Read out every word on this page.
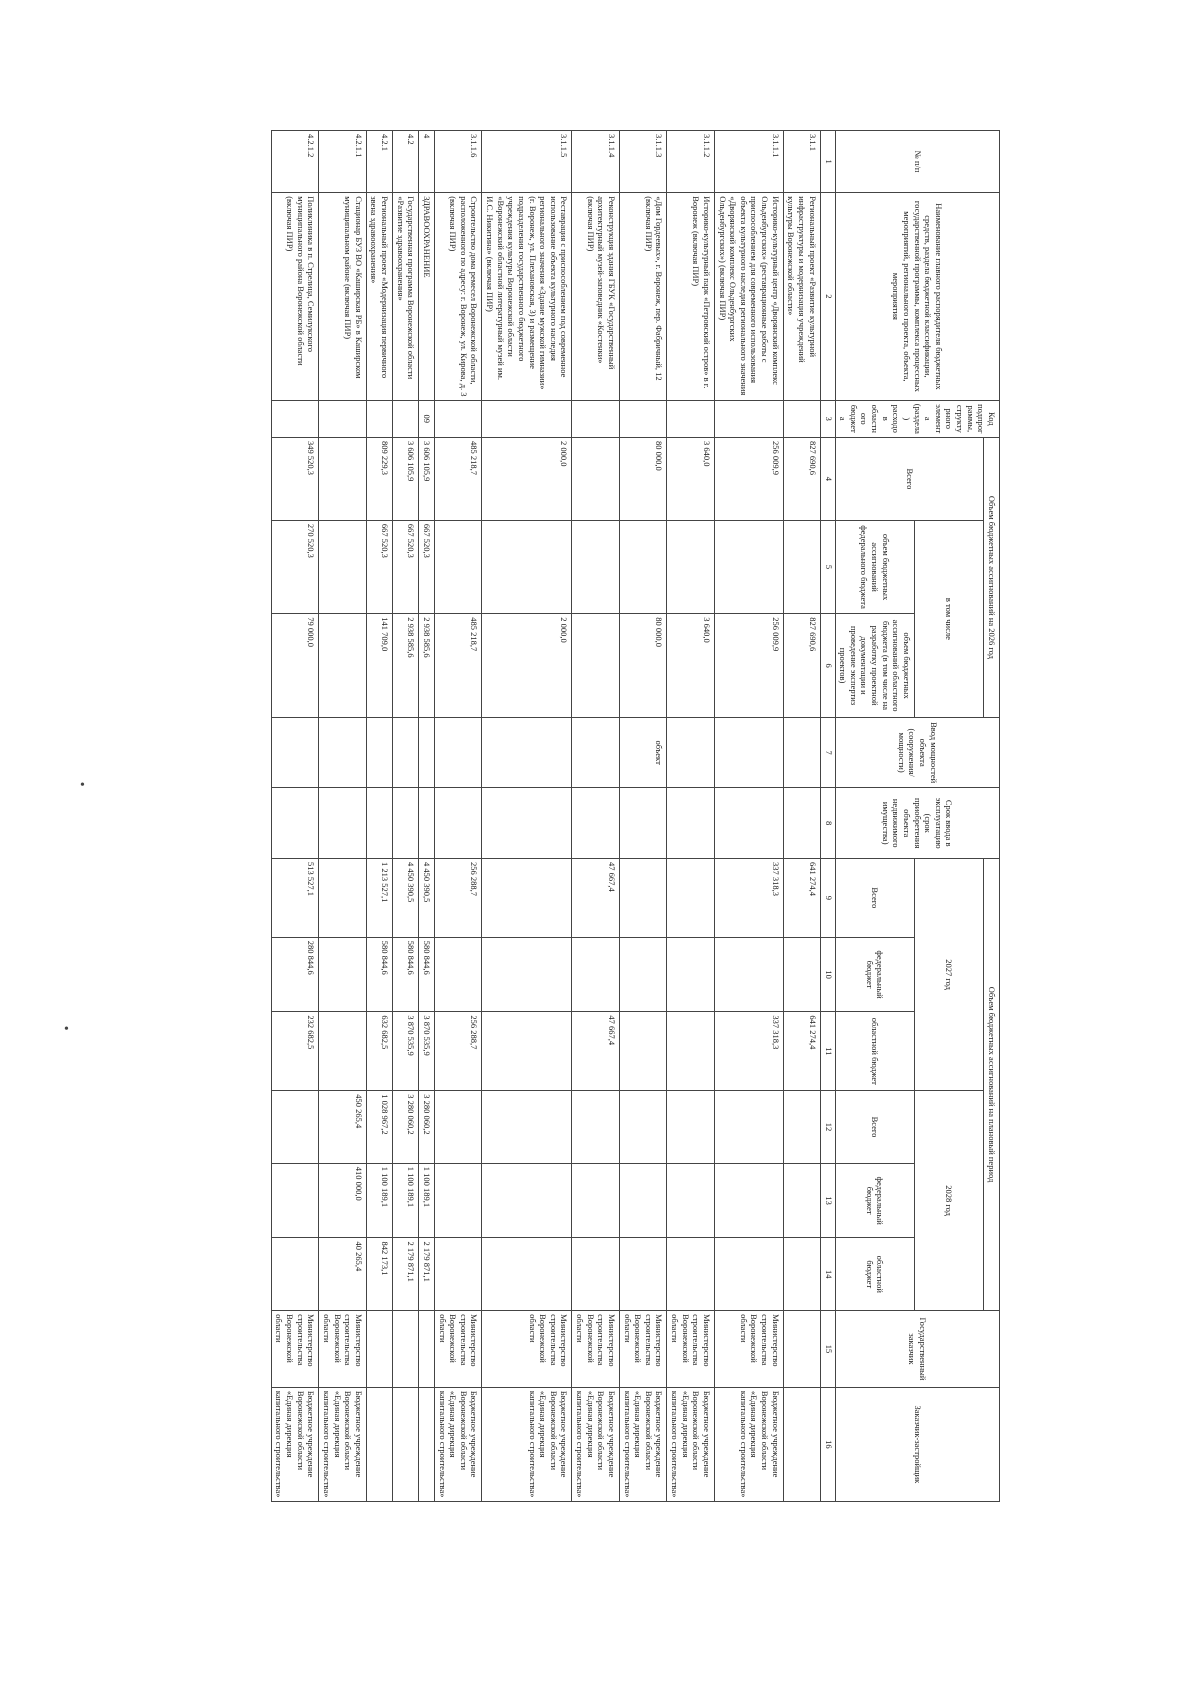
•
•
№ п/п	Наименование главного распорядителя бюджетных средств, раздела бюджетной классификации, государственной программы, комплекса процессных мероприятий, регионального проекта, объекта, мероприятия	Код подпрограммы, структурного элемента (раздела) расходов областного бюджета	Объем бюджетных ассигнований на 2026 год			Ввод мощностей объекта (сооружения/мощности)	Срок ввода в эксплуатацию (срок приобретения объекта недвижимого имущества)	Объем бюджетных ассигнований на плановый период						Государственный заказчик	Заказчик-застройщик
			Всего	в том числе				2027 год			2028 год				
				объем бюджетных ассигнований федерального бюджета	объем бюджетных ассигнований областного бюджета (в том числе на разработку проектной документации и проведение экспертиз проектов)			Всего	федеральный бюджет	областной бюджет	Всего	федеральный бюджет	областной бюджет		
1	2	3	4	5	6	7	8	9	10	11	12	13	14	15	16
3.1.1	Региональный проект «Развитие культурной инфраструктуры и модернизация учреждений культуры Воронежской области»		827 690,6		827 690,6			641 274,4		641 274,4					
3.1.1.1	Историко-культурный центр «Дворянский комплекс Ольденбургских» (реставрационные работы с приспособлением для современного использования объекта культурного наследия регионального значения «Дворянский комплекс Ольденбургских Ольденбургских») (включая ПИР)		256 009,9		256 009,9			337 318,3		337 318,3				Министерство строительства Воронежской области	Бюджетное учреждение Воронежской области «Единая дирекция капитального строительства»
3.1.1.2	Историко-культурный парк «Петровский остров» в г. Воронеж (включая ПИР)		3 640,0		3 640,0									Министерство строительства Воронежской области	Бюджетное учреждение Воронежской области «Единая дирекция капитального строительства»
3.1.1.3	«Дом Гордеевых», г. Воронеж, пер. Фабричный, 12 (включая ПИР)		80 000,0		80 000,0	объект								Министерство строительства Воронежской области	Бюджетное учреждение Воронежской области «Единая дирекция капитального строительства»
3.1.1.4	Реконструкция здания ГБУК «Государственный архитектурный музей-заповедник «Костенки» (включая ПИР)							47 667,4		47 667,4				Министерство строительства Воронежской области	Бюджетное учреждение Воронежской области «Единая дирекция капитального строительства»
3.1.1.5	Реставрация с приспособлением под современное использование объекта культурного наследия регионального значения «Здание мужской гимназии» (г. Воронеж, ул. Плехановская, 3) и размещение подразделения государственного бюджетного учреждения культуры Воронежской области «Воронежский областной литературный музей им. И.С. Никитина» (включая ПИР)		2 000,0		2 000,0									Министерство строительства Воронежской области	Бюджетное учреждение Воронежской области «Единая дирекция капитального строительства»
3.1.1.6	Строительство дома ремесел Воронежской области, расположенного по адресу: г. Воронеж, ул. Кирова, д. 3 (включая ПИР)		485 218,7		485 218,7			256 288,7		256 288,7				Министерство строительства Воронежской области	Бюджетное учреждение Воронежской области «Единая дирекция капитального строительства»
4	ЗДРАВООХРАНЕНИЕ	09	3 606 105,9	667 520,3	2 938 585,6			4 450 390,5	580 844,6	3 870 535,9	3 280 060,2	1 100 189,1	2 179 871,1		
4.2	Государственная программа Воронежской области «Развитие здравоохранения»		3 606 105,9	667 520,3	2 938 585,6			4 450 390,5	580 844,6	3 870 535,9	3 280 060,2	1 100 189,1	2 179 871,1		
4.2.1	Региональный проект «Модернизация первичного звена здравоохранения»		809 229,3	667 520,3	141 709,0			1 213 527,1	580 844,6	632 682,5	1 028 967,2	1 100 189,1	842 173,1		
4.2.1.1	Стационар БУЗ ВО «Каширская РБ» в Каширском муниципальном районе (включая ПИР)										450 265,4	410 000,0	40 265,4	Министерство строительства Воронежской области	Бюджетное учреждение Воронежской области «Единая дирекция капитального строительства»
4.2.1.2	Поликлиника в п. Стрелица, Семилукского муниципального района Воронежской области (включая ПИР)		349 520,3	270 520,3	79 000,0			513 527,1	280 844,6	232 682,5				Министерство строительства Воронежской области	Бюджетное учреждение Воронежской области «Единая дирекция капитального строительства»
